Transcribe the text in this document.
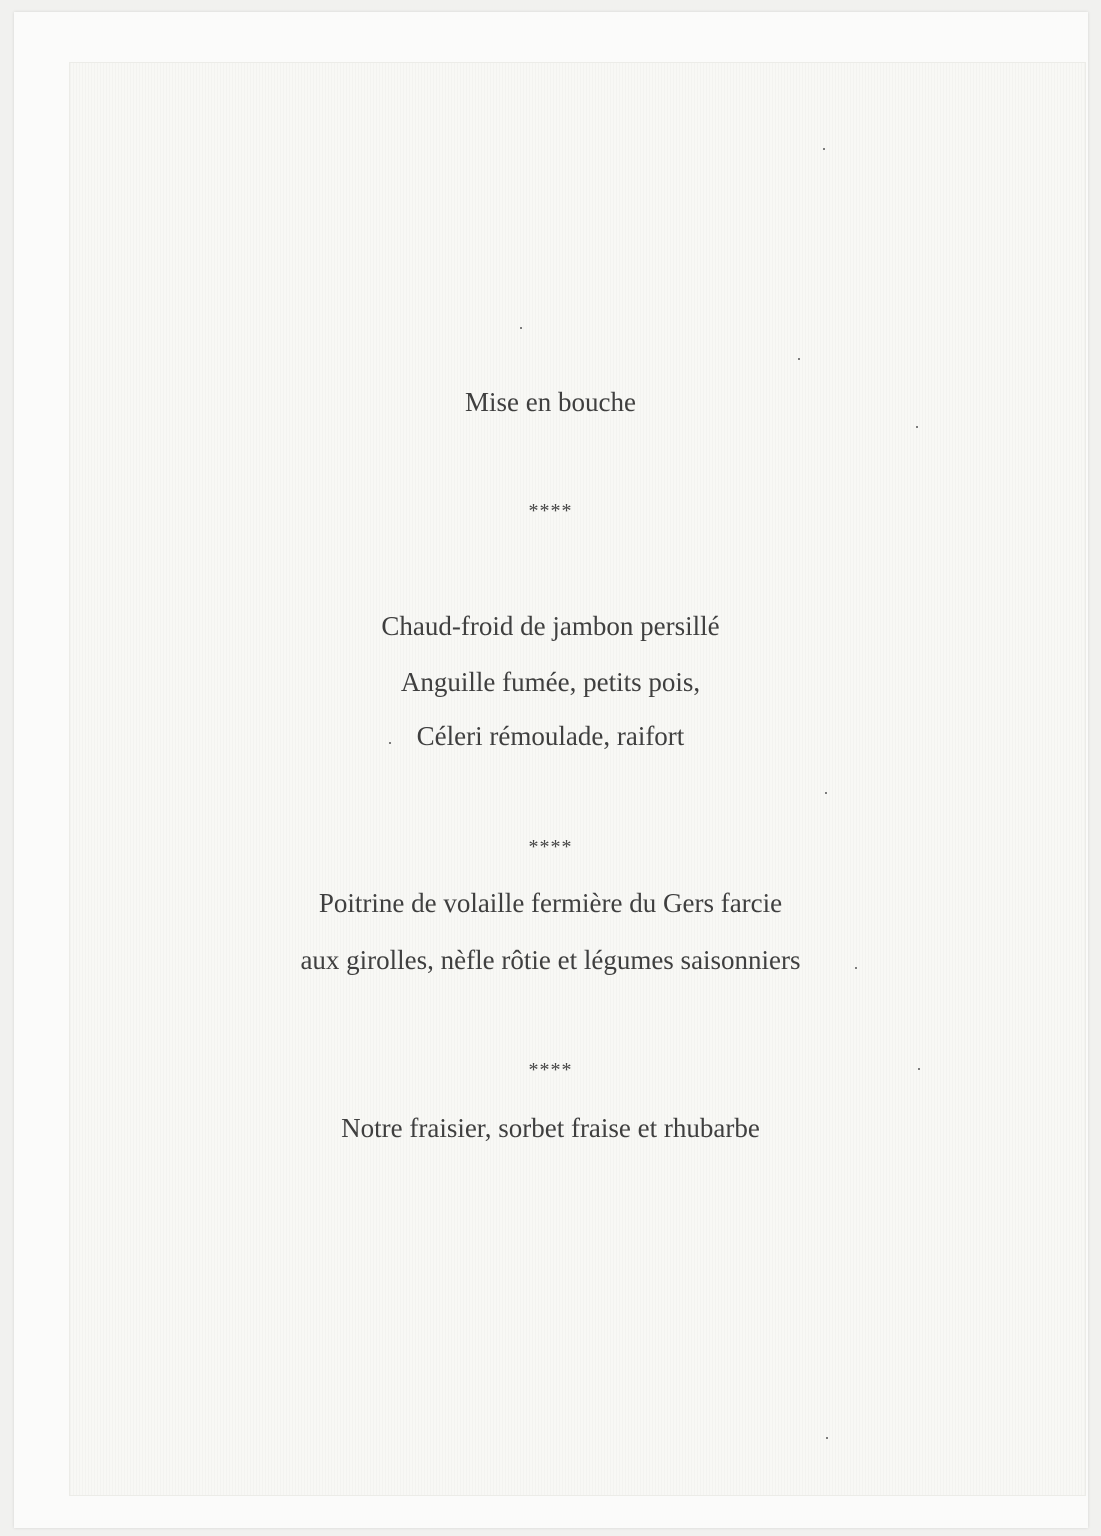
Mise en bouche
****
Chaud-froid de jambon persillé
Anguille fumée, petits pois,
Céleri rémoulade, raifort
****
Poitrine de volaille fermière du Gers farcie
aux girolles, nèfle rôtie et légumes saisonniers
****
Notre fraisier, sorbet fraise et rhubarbe
